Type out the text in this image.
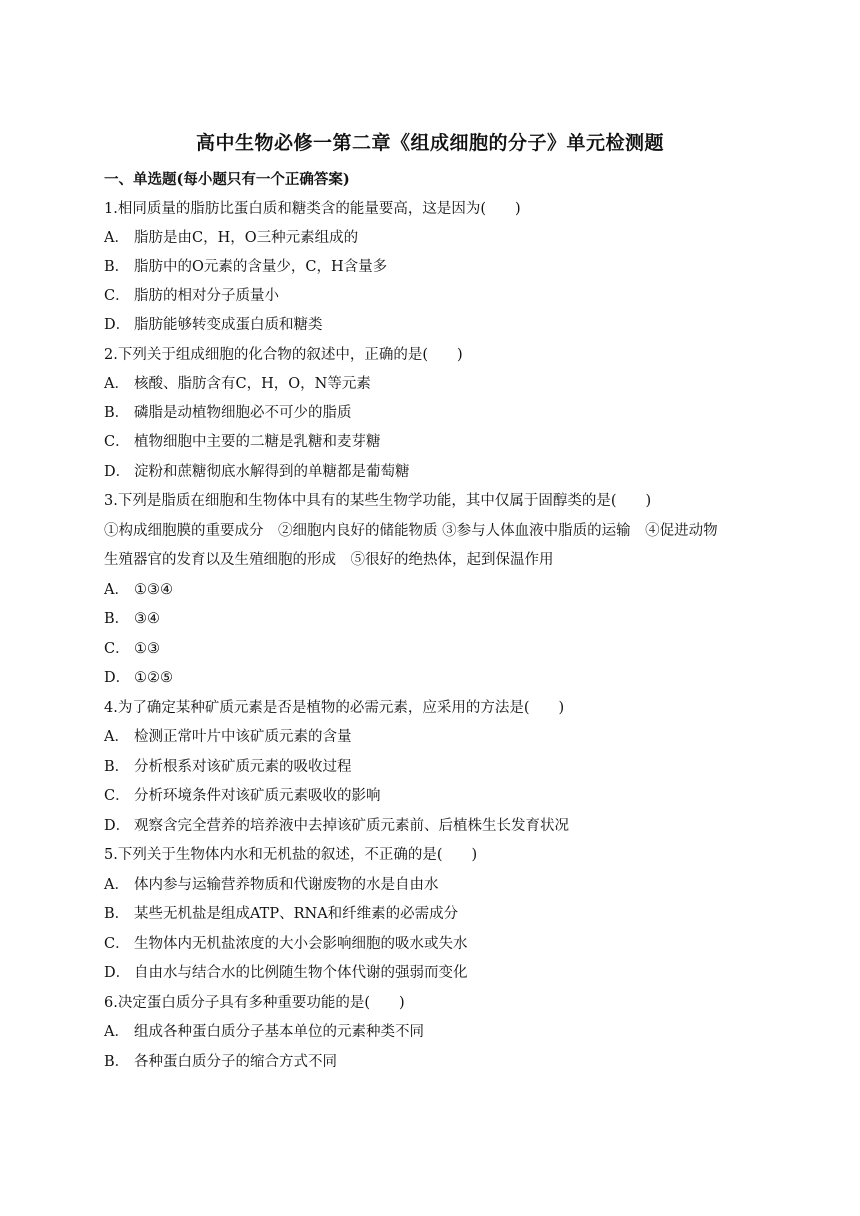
高中生物必修一第二章《组成细胞的分子》单元检测题
一、单选题(每小题只有一个正确答案)
1.相同质量的脂肪比蛋白质和糖类含的能量要高，这是因为(　　)
A． 脂肪是由C，H，O三种元素组成的
B． 脂肪中的O元素的含量少，C，H含量多
C． 脂肪的相对分子质量小
D． 脂肪能够转变成蛋白质和糖类
2.下列关于组成细胞的化合物的叙述中，正确的是(　　)
A． 核酸、脂肪含有C，H，O，N等元素
B． 磷脂是动植物细胞必不可少的脂质
C． 植物细胞中主要的二糖是乳糖和麦芽糖
D． 淀粉和蔗糖彻底水解得到的单糖都是葡萄糖
3.下列是脂质在细胞和生物体中具有的某些生物学功能，其中仅属于固醇类的是(　　)
①构成细胞膜的重要成分　②细胞内良好的储能物质 ③参与人体血液中脂质的运输　④促进动物
生殖器官的发育以及生殖细胞的形成　⑤很好的绝热体，起到保温作用
A． ①③④
B． ③④
C． ①③
D． ①②⑤
4.为了确定某种矿质元素是否是植物的必需元素，应采用的方法是(　　)
A． 检测正常叶片中该矿质元素的含量
B． 分析根系对该矿质元素的吸收过程
C． 分析环境条件对该矿质元素吸收的影响
D． 观察含完全营养的培养液中去掉该矿质元素前、后植株生长发育状况
5.下列关于生物体内水和无机盐的叙述，不正确的是(　　)
A． 体内参与运输营养物质和代谢废物的水是自由水
B． 某些无机盐是组成ATP、RNA和纤维素的必需成分
C． 生物体内无机盐浓度的大小会影响细胞的吸水或失水
D． 自由水与结合水的比例随生物个体代谢的强弱而变化
6.决定蛋白质分子具有多种重要功能的是(　　)
A． 组成各种蛋白质分子基本单位的元素种类不同
B． 各种蛋白质分子的缩合方式不同
